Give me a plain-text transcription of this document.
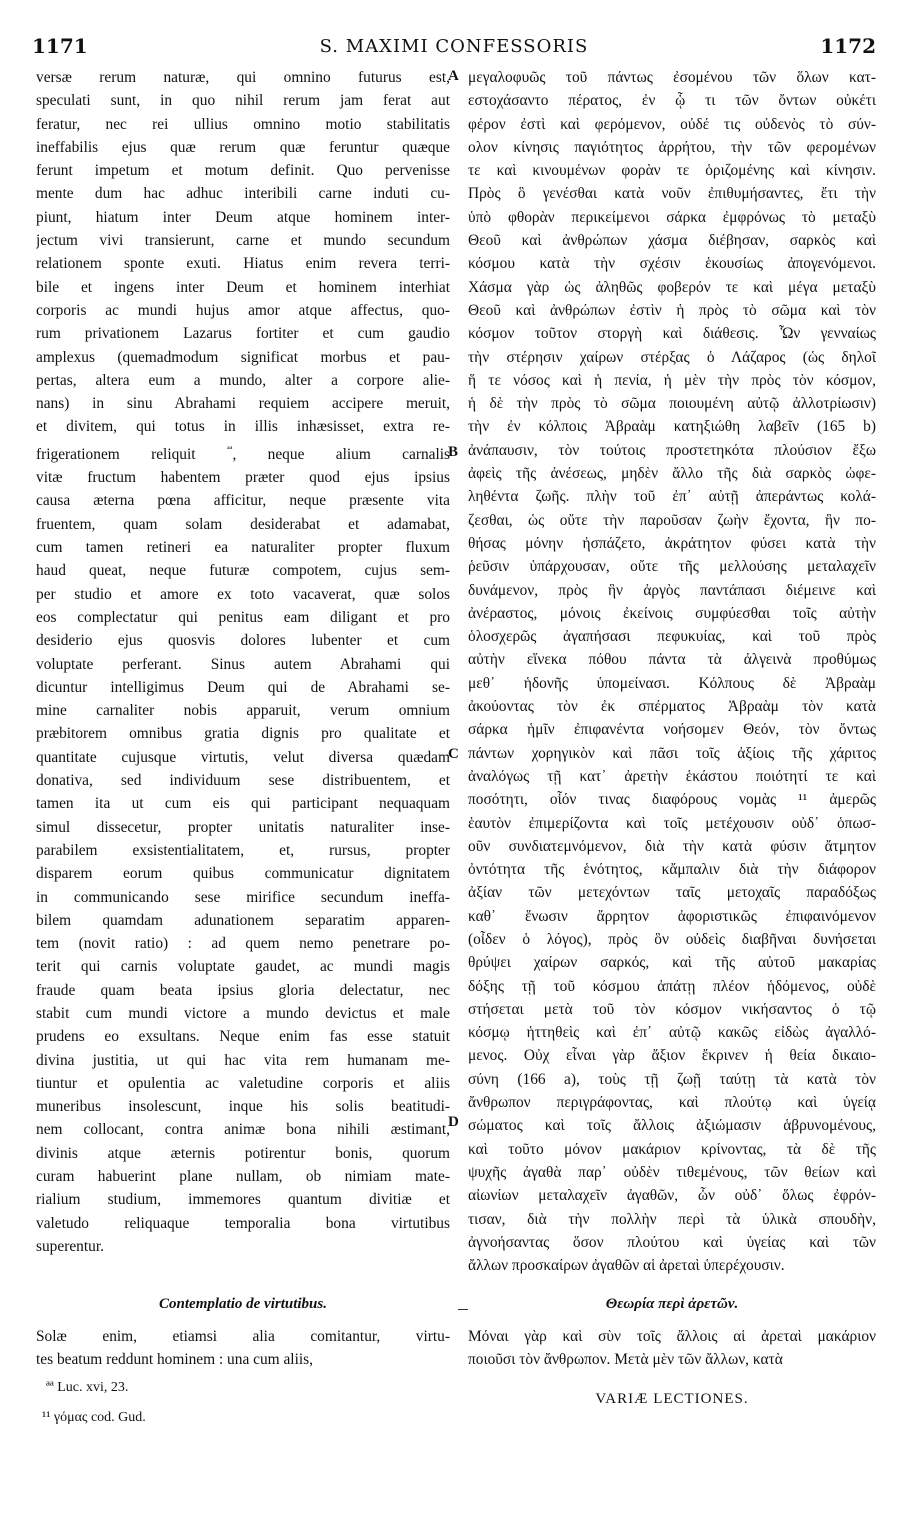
1171	S. MAXIMI CONFESSORIS	1172
A
B
C
D
versæ rerum naturæ, qui omnino futurus est,
speculati sunt, in quo nihil rerum jam ferat aut
feratur, nec rei ullius omnino motio stabilitatis
ineffabilis ejus quæ rerum quæ feruntur quæque
ferunt impetum et motum definit. Quo pervenisse
mente dum hac adhuc interibili carne induti cu-
piunt, hiatum inter Deum atque hominem inter-
jectum vivi transierunt, carne et mundo secundum
relationem sponte exuti. Hiatus enim revera terri-
bile et ingens inter Deum et hominem interhiat
corporis ac mundi hujus amor atque affectus, quo-
rum privationem Lazarus fortiter et cum gaudio
amplexus (quemadmodum significat morbus et pau-
pertas, altera eum a mundo, alter a corpore alie-
nans) in sinu Abrahami requiem accipere meruit,
et divitem, qui totus in illis inhæsisset, extra re-
frigerationem reliquit $^{ªª}$, neque alium carnalis
vitæ fructum habentem præter quod ejus ipsius
causa æterna pœna afficitur, neque præsente vita
fruentem, quam solam desiderabat et adamabat,
cum tamen retineri ea naturaliter propter fluxum
haud queat, neque futuræ compotem, cujus sem-
per studio et amore ex toto vacaverat, quæ solos
eos complectatur qui penitus eam diligant et pro
desiderio ejus quosvis dolores lubenter et cum
voluptate perferant. Sinus autem Abrahami qui
dicuntur intelligimus Deum qui de Abrahami se-
mine carnaliter nobis apparuit, verum omnium
præbitorem omnibus gratia dignis pro qualitate et
quantitate cujusque virtutis, velut diversa quædam
donativa, sed individuum sese distribuentem, et
tamen ita ut cum eis qui participant nequaquam
simul dissecetur, propter unitatis naturaliter inse-
parabilem exsistentialitatem, et, rursus, propter
disparem eorum quibus communicatur dignitatem
in communicando sese mirifice secundum ineffa-
bilem quamdam adunationem separatim apparen-
tem (novit ratio) : ad quem nemo penetrare po-
terit qui carnis voluptate gaudet, ac mundi magis
fraude quam beata ipsius gloria delectatur, nec
stabit cum mundi victore a mundo devictus et male
prudens eo exsultans. Neque enim fas esse statuit
divina justitia, ut qui hac vita rem humanam me-
tiuntur et opulentia ac valetudine corporis et aliis
muneribus insolescunt, inque his solis beatitudi-
nem collocant, contra animæ bona nihili æstimant,
divinis atque æternis potirentur bonis, quorum
curam habuerint plane nullam, ob nimiam mate-
rialium studium, immemores quantum divitiæ et
valetudo reliquaque temporalia bona virtutibus
superentur.
μεγαλοφυῶς τοῦ πάντως ἐσομένου τῶν ὅλων κατ-
εστοχάσαντο πέρατος, ἐν ᾧ τι τῶν ὄντων οὐκέτι
φέρον ἐστὶ καὶ φερόμενον, οὐδέ τις οὐδενὸς τὸ σύν-
ολον κίνησις παγιότητος ἀρρήτου, τὴν τῶν φερομένων
τε καὶ κινουμένων φορὰν τε ὁριζομένης καὶ κίνησιν.
Πρὸς ὃ γενέσθαι κατὰ νοῦν ἐπιθυμήσαντες, ἔτι τὴν
ὑπὸ φθορὰν περικείμενοι σάρκα ἐμφρόνως τὸ μεταξὺ
Θεοῦ καὶ ἀνθρώπων χάσμα διέβησαν, σαρκὸς καὶ
κόσμου κατὰ τὴν σχέσιν ἑκουσίως ἀπογενόμενοι.
Χάσμα γὰρ ὡς ἀληθῶς φοβερόν τε καὶ μέγα μεταξὺ
Θεοῦ καὶ ἀνθρώπων ἐστὶν ἡ πρὸς τὸ σῶμα καὶ τὸν
κόσμον τοῦτον στοργὴ καὶ διάθεσις. Ὧν γενναίως
τὴν στέρησιν χαίρων στέρξας ὁ Λάζαρος (ὡς δηλοῖ
ἥ τε νόσος καὶ ἡ πενία, ἡ μὲν τὴν πρὸς τὸν κόσμον,
ἡ δὲ τὴν πρὸς τὸ σῶμα ποιουμένη αὐτῷ ἀλλοτρίωσιν)
τὴν ἐν κόλποις Ἀβραὰμ κατηξιώθη λαβεῖν (165 b)
ἀνάπαυσιν, τὸν τούτοις προστετηκότα πλούσιον ἔξω
ἀφεὶς τῆς ἀνέσεως, μηδὲν ἄλλο τῆς διὰ σαρκὸς ὠφε-
ληθέντα ζωῆς. πλὴν τοῦ ἐπ᾽ αὐτῇ ἀπεράντως κολά-
ζεσθαι, ὡς οὔτε τὴν παροῦσαν ζωὴν ἔχοντα, ἣν πο-
θήσας μόνην ἠσπάζετο, ἀκράτητον φύσει κατὰ τὴν
ῥεῦσιν ὑπάρχουσαν, οὔτε τῆς μελλούσης μεταλαχεῖν
δυνάμενον, πρὸς ἣν ἀργὸς παντάπασι διέμεινε καὶ
ἀνέραστος, μόνοις ἐκείνοις συμφύεσθαι τοῖς αὐτὴν
ὁλοσχερῶς ἀγαπήσασι πεφυκυίας, καὶ τοῦ πρὸς
αὐτὴν εἵνεκα πόθου πάντα τὰ ἀλγεινὰ προθύμως
μεθ᾽ ἡδονῆς ὑπομείνασι. Κόλπους δὲ Ἀβραὰμ
ἀκούοντας τὸν ἐκ σπέρματος Ἀβραὰμ τὸν κατὰ
σάρκα ἡμῖν ἐπιφανέντα νοήσομεν Θεόν, τὸν ὄντως
πάντων χορηγικὸν καὶ πᾶσι τοῖς ἀξίοις τῆς χάριτος
ἀναλόγως τῇ κατ᾽ ἀρετὴν ἑκάστου ποιότητί τε καὶ
ποσότητι, οἷόν τινας διαφόρους νομὰς ¹¹ ἀμερῶς
ἑαυτὸν ἐπιμερίζοντα καὶ τοῖς μετέχουσιν οὐδ᾽ ὁπωσ-
οῦν συνδιατεμνόμενον, διὰ τὴν κατὰ φύσιν ἄτμητον
ὀντότητα τῆς ἑνότητος, κἄμπαλιν διὰ τὴν διάφορον
ἀξίαν τῶν μετεχόντων ταῖς μετοχαῖς παραδόξως
καθ᾽ ἕνωσιν ἄρρητον ἀφοριστικῶς ἐπιφαινόμενον
(οἶδεν ὁ λόγος), πρὸς ὃν οὐδεὶς διαβῆναι δυνήσεται
θρύψει χαίρων σαρκός, καὶ τῆς αὐτοῦ μακαρίας
δόξης τῇ τοῦ κόσμου ἀπάτῃ πλέον ἡδόμενος, οὐδὲ
στήσεται μετὰ τοῦ τὸν κόσμον νικήσαντος ὁ τῷ
κόσμῳ ἡττηθεὶς καὶ ἐπ᾽ αὐτῷ κακῶς εἰδὼς ἀγαλλό-
μενος. Οὐχ εἶναι γὰρ ἄξιον ἔκρινεν ἡ θεία δικαιο-
σύνη (166 a), τοὺς τῇ ζωῇ ταύτῃ τὰ κατὰ τὸν
ἄνθρωπον περιγράφοντας, καὶ πλούτῳ καὶ ὑγείᾳ
σώματος καὶ τοῖς ἄλλοις ἀξιώμασιν ἁβρυνομένους,
καὶ τοῦτο μόνον μακάριον κρίνοντας, τὰ δὲ τῆς
ψυχῆς ἀγαθὰ παρ᾽ οὐδὲν τιθεμένους, τῶν θείων καὶ
αἰωνίων μεταλαχεῖν ἀγαθῶν, ὧν οὐδ᾽ ὅλως ἐφρόν-
τισαν, διὰ τὴν πολλὴν περὶ τὰ ὑλικὰ σπουδὴν,
ἀγνοήσαντας ὅσον πλούτου καὶ ὑγείας καὶ τῶν
ἄλλων προσκαίρων ἀγαθῶν αἱ ἀρεταὶ ὑπερέχουσιν.
Contemplatio de virtutibus.	Θεωρία περὶ ἀρετῶν.
Solæ enim, etiamsi alia comitantur, virtu-
tes beatum reddunt hominem : una cum aliis,
Μόναι γὰρ καὶ σὺν τοῖς ἄλλοις αἱ ἀρεταὶ μακάριον
ποιοῦσι τὸν ἄνθρωπον. Μετὰ μὲν τῶν ἄλλων, κατὰ
ªª Luc. xvi, 23.
¹¹ γόμας cod. Gud.
VARIÆ LECTIONES.
